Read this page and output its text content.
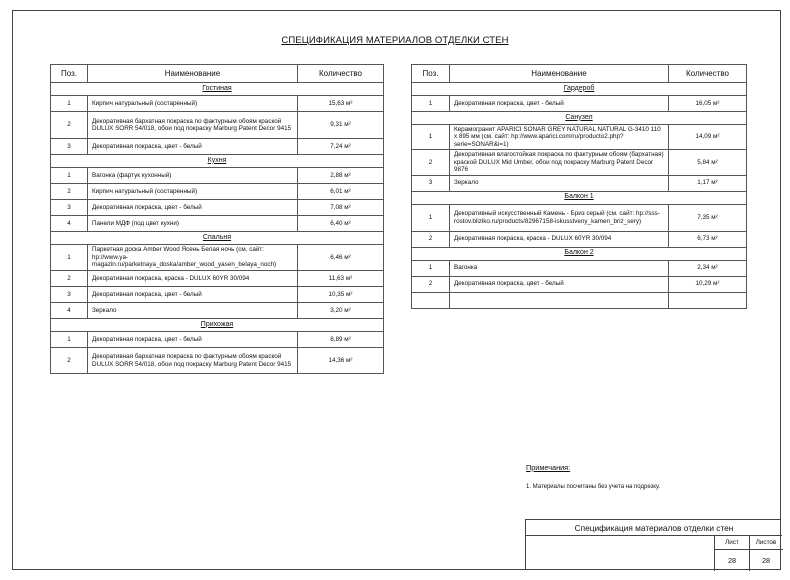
СПЕЦИФИКАЦИЯ МАТЕРИАЛОВ ОТДЕЛКИ СТЕН
Поз.	Наименование	Количество
Гостиная		
1	Кирпич натуральный (состаренный)	15,63 м²
2	Декоративная бархатная покраска по фактурным обоям краской DULUX SORR 54/018, обои под покраску Marburg Patent Decor 9415	9,31 м²
3	Декоративная покраска, цвет - белый	7,24 м²
Кухня		
1	Вагонка (фартук кухонный)	2,88 м²
2	Кирпич натуральный (состаренный)	6,01 м²
3	Декоративная покраска, цвет - белый	7,08 м²
4	Панели МДФ (под цвет кухни)	6,40 м²
Спальня		
1	Паркетная доска Amber Wood Ясень Белая ночь (см. сайт: hp://www.ya-magazin.ru/parketnaya_doska/amber_wood_yasen_belaya_noch)	6,46 м²
2	Декоративная покраска, краска - DULUX 60YR 30/094	11,63 м²
3	Декоративная покраска, цвет - белый	10,35 м²
4	Зеркало	3,20 м²
Прихожая		
1	Декоративная покраска, цвет - белый	8,89 м²
2	Декоративная бархатная покраска по фактурным обоям краской DULUX SORR 54/018, обои под покраску Marburg Patent Decor 9415	14,36 м²
Поз.	Наименование	Количество
Гардероб		
1	Декоративная покраска, цвет - белый	16,05 м²
Санузел		
1	Керамогранит APARICI SONAR GREY NATURAL NATURAL G-3410 110 x 895 мм (см. сайт: hp://www.aparici.com/ru/producto2.php?serie=SONAR&i=1)	14,09 м²
2	Декоративная влагостойкая покраска по фактурным обоям (бархатная) краской DULUX Mid Umber, обои под покраску Marburg Patent Decor 9876	5,84 м²
3	Зеркало	1,17 м²
Балкон 1		
1	Декоративный искусственный Камень - Бриз серый (см. сайт: hp://sss-rostov.bliziko.ru/products/82967158-iskusstveny_kamen_briz_sery)	7,35 м²
2	Декоративная покраска, краска - DULUX 60YR 30/094	6,73 м²
Балкон 2		
1	Вагонка	2,34 м²
2	Декоративная покраска, цвет - белый	10,29 м²

Примечания:
1. Материалы посчитаны без учета на подрезку.
Спецификация материалов отделки стен
Лист	Листов
28	28
